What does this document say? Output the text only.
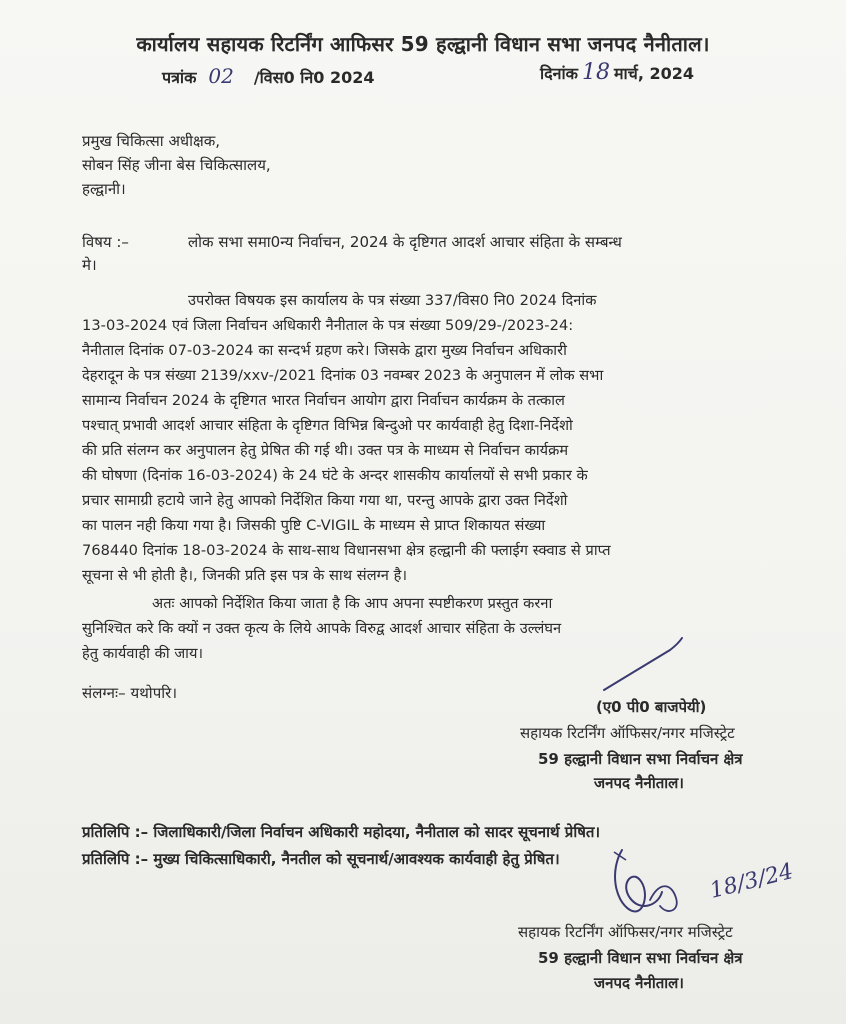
कार्यालय सहायक रिटर्निंग आफिसर 59 हल्द्वानी विधान सभा जनपद नैनीताल।
पत्रांक 02 /विस0 नि0 2024	दिनांक 18 मार्च, 2024
प्रमुख चिकित्सा अधीक्षक,
सोबन सिंह जीना बेस चिकित्सालय,
हल्द्वानी।
विषय :–	लोक सभा समा0न्य निर्वाचन, 2024 के दृष्टिगत आदर्श आचार संहिता के सम्बन्ध
मे।
उपरोक्त विषयक इस कार्यालय के पत्र संख्या 337/विस0 नि0 2024 दिनांक
13-03-2024 एवं जिला निर्वाचन अधिकारी नैनीताल के पत्र संख्या 509/29-/2023-24:
नैनीताल दिनांक 07-03-2024 का सन्दर्भ ग्रहण करे। जिसके द्वारा मुख्य निर्वाचन अधिकारी
देहरादून के पत्र संख्या 2139/xxv-/2021 दिनांक 03 नवम्बर 2023 के अनुपालन में लोक सभा
सामान्य निर्वाचन 2024 के दृष्टिगत भारत निर्वाचन आयोग द्वारा निर्वाचन कार्यक्रम के तत्काल
पश्चात् प्रभावी आदर्श आचार संहिता के दृष्टिगत विभिन्न बिन्दुओ पर कार्यवाही हेतु दिशा-निर्देशो
की प्रति संलग्न कर अनुपालन हेतु प्रेषित की गई थी। उक्त पत्र के माध्यम से निर्वाचन कार्यक्रम
की घोषणा (दिनांक 16-03-2024) के 24 घंटे के अन्दर शासकीय कार्यालयों से सभी प्रकार के
प्रचार सामाग्री हटाये जाने हेतु आपको निर्देशित किया गया था, परन्तु आपके द्वारा उक्त निर्देशो
का पालन नही किया गया है। जिसकी पुष्टि C-VIGIL के माध्यम से प्राप्त शिकायत संख्या
768440 दिनांक 18-03-2024 के साथ-साथ विधानसभा क्षेत्र हल्द्वानी की फ्लाईग स्क्वाड से प्राप्त
सूचना से भी होती है।, जिनकी प्रति इस पत्र के साथ संलग्न है।
अतः आपको निर्देशित किया जाता है कि आप अपना स्पष्टीकरण प्रस्तुत करना
सुनिश्चित करे कि क्यों न उक्त कृत्य के लिये आपके विरुद्व आदर्श आचार संहिता के उल्लंघन
हेतु कार्यवाही की जाय।
संलग्नः– यथोपरि।
(ए0 पी0 बाजपेयी)
सहायक रिटर्निंग ऑफिसर/नगर मजिस्ट्रेट
59 हल्द्वानी विधान सभा निर्वाचन क्षेत्र
जनपद नैनीताल।
प्रतिलिपि :– जिलाधिकारी/जिला निर्वाचन अधिकारी महोदया, नैनीताल को सादर सूचनार्थ प्रेषित।
प्रतिलिपि :– मुख्य चिकित्साधिकारी, नैनतील को सूचनार्थ/आवश्यक कार्यवाही हेतु प्रेषित।
18/3/24
सहायक रिटर्निंग ऑफिसर/नगर मजिस्ट्रेट
59 हल्द्वानी विधान सभा निर्वाचन क्षेत्र
जनपद नैनीताल।
